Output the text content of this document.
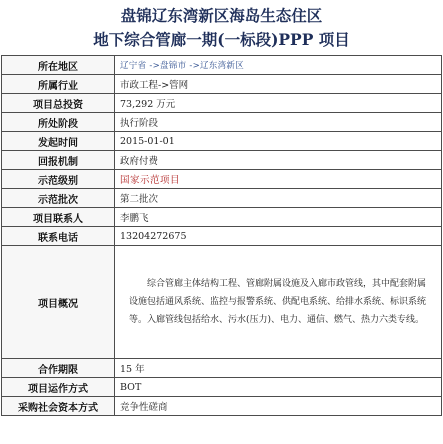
盘锦辽东湾新区海岛生态住区
地下综合管廊一期(一标段)PPP 项目
所在地区	辽宁省 ->盘锦市 ->辽东湾新区
所属行业	市政工程->管网
项目总投资	73,292 万元
所处阶段	执行阶段
发起时间	2015-01-01
回报机制	政府付费
示范级别	国家示范项目
示范批次	第二批次
项目联系人	李鹏飞
联系电话	13204272675
项目概况	综合管廊主体结构工程、管廊附属设施及入廊市政管线，其中配套附属设施包括通风系统、监控与报警系统、供配电系统、给排水系统、标识系统等。入廊管线包括给水、污水(压力)、电力、通信、燃气、热力六类专线。

合作期限	15 年
项目运作方式	BOT
采购社会资本方式	竞争性磋商
